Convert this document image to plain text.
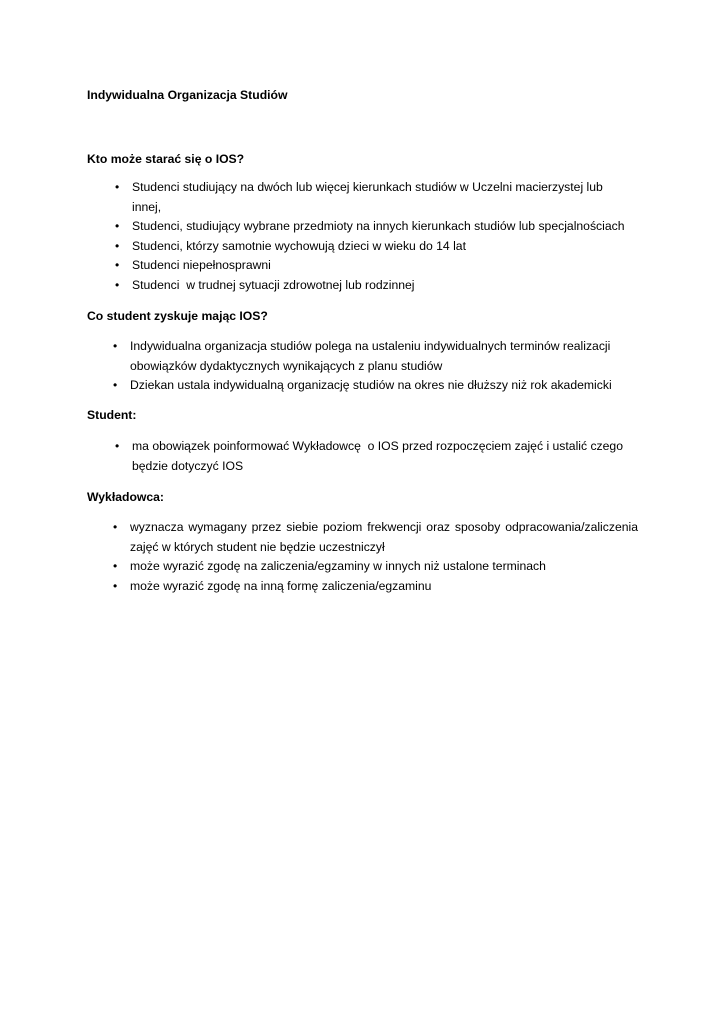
Indywidualna Organizacja Studiów

Kto może starać się o IOS?

• Studenci studiujący na dwóch lub więcej kierunkach studiów w Uczelni macierzystej lub innej,
• Studenci, studiujący wybrane przedmioty na innych kierunkach studiów lub specjalnościach
• Studenci, którzy samotnie wychowują dzieci w wieku do 14 lat
• Studenci niepełnosprawni
• Studenci  w trudnej sytuacji zdrowotnej lub rodzinnej

Co student zyskuje mając IOS?

• Indywidualna organizacja studiów polega na ustaleniu indywidualnych terminów realizacji obowiązków dydaktycznych wynikających z planu studiów
• Dziekan ustala indywidualną organizację studiów na okres nie dłuższy niż rok akademicki

Student:

• ma obowiązek poinformować Wykładowcę  o IOS przed rozpoczęciem zajęć i ustalić czego będzie dotyczyć IOS

Wykładowca:

• wyznacza wymagany przez siebie poziom frekwencji oraz sposoby odpracowania/zaliczenia zajęć w których student nie będzie uczestniczył
• może wyrazić zgodę na zaliczenia/egzaminy w innych niż ustalone terminach
• może wyrazić zgodę na inną formę zaliczenia/egzaminu
